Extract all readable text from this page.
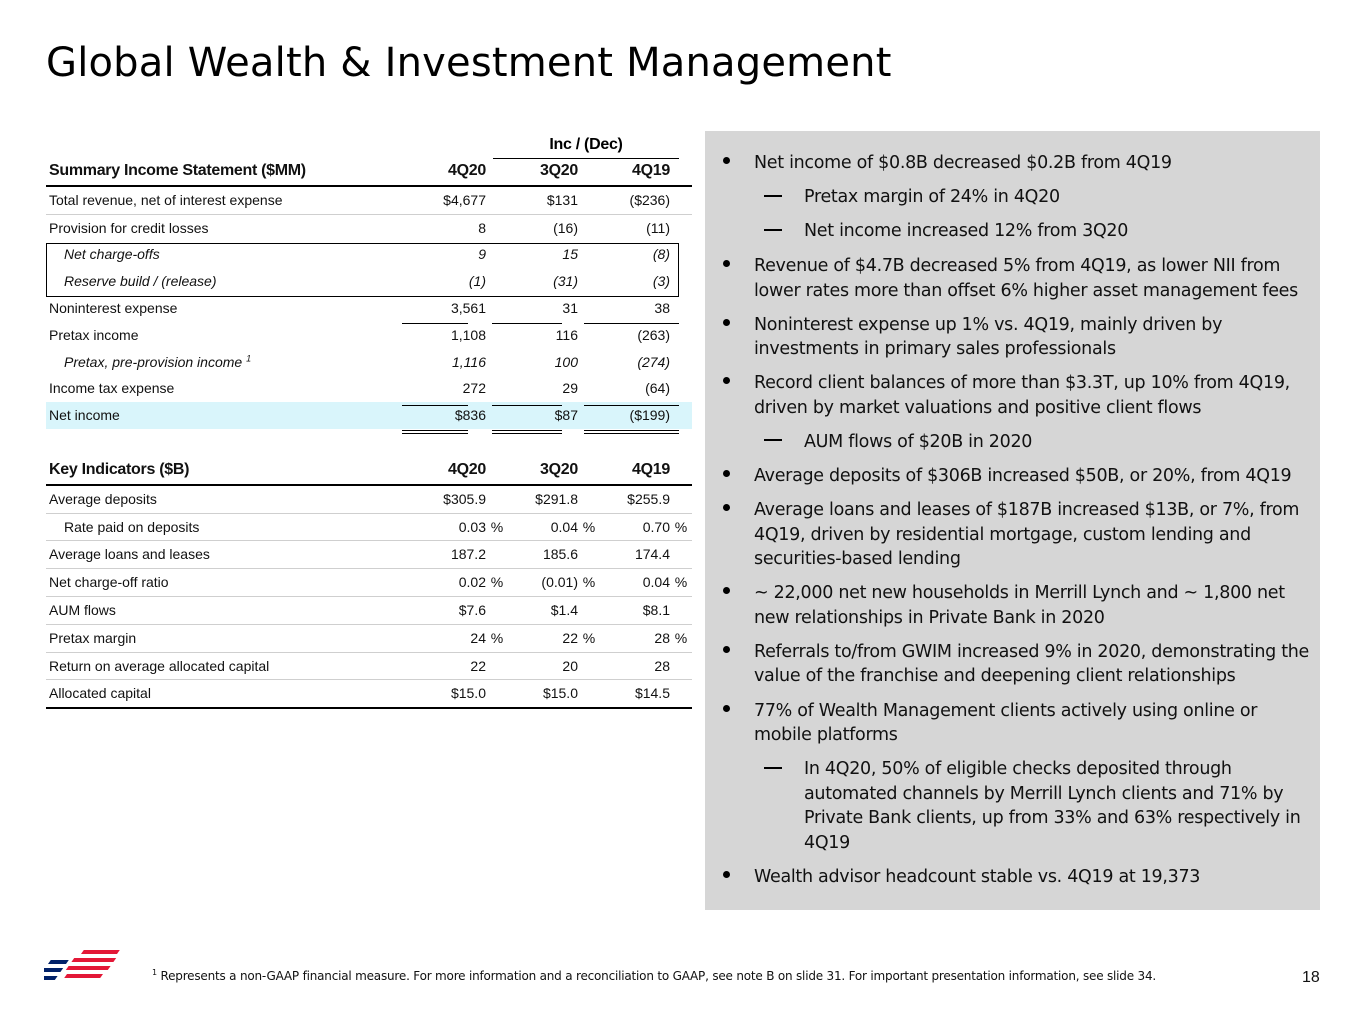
Global Wealth & Investment Management
Inc / (Dec)
Summary Income Statement ($MM)	4Q20		3Q20		4Q19	
Total revenue, net of interest expense	$4,677		$131		($236)	
Provision for credit losses	8		(16)		(11)	
Net charge-offs	9		15		(8)	
Reserve build / (release)	(1)		(31)		(3)	
Noninterest expense	3,561		31		38	
Pretax income	1,108		116		(263)	
Pretax, pre-provision income $^1$	1,116		100		(274)	
Income tax expense	272		29		(64)	
Net income	$836		$87		($199)	
Key Indicators ($B)	4Q20		3Q20		4Q19	
Average deposits	$305.9		$291.8		$255.9	
Rate paid on deposits	0.03	%	0.04	%	0.70	%
Average loans and leases	187.2		185.6		174.4	
Net charge-off ratio	0.02	%	(0.01)	%	0.04	%
AUM flows	$7.6		$1.4		$8.1	
Pretax margin	24	%	22	%	28	%
Return on average allocated capital	22		20		28	
Allocated capital	$15.0		$15.0		$14.5	
Net income of $0.8B decreased $0.2B from 4Q19
Pretax margin of 24% in 4Q20
Net income increased 12% from 3Q20
Revenue of $4.7B decreased 5% from 4Q19, as lower NII from
lower rates more than offset 6% higher asset management fees
Noninterest expense up 1% vs. 4Q19, mainly driven by
investments in primary sales professionals
Record client balances of more than $3.3T, up 10% from 4Q19,
driven by market valuations and positive client flows
AUM flows of $20B in 2020
Average deposits of $306B increased $50B, or 20%, from 4Q19
Average loans and leases of $187B increased $13B, or 7%, from
4Q19, driven by residential mortgage, custom lending and
securities-based lending
~ 22,000 net new households in Merrill Lynch and ~ 1,800 net
new relationships in Private Bank in 2020
Referrals to/from GWIM increased 9% in 2020, demonstrating the
value of the franchise and deepening client relationships
77% of Wealth Management clients actively using online or
mobile platforms
In 4Q20, 50% of eligible checks deposited through
automated channels by Merrill Lynch clients and 71% by
Private Bank clients, up from 33% and 63% respectively in
4Q19
Wealth advisor headcount stable vs. 4Q19 at 19,373
$^1$ Represents a non-GAAP financial measure. For more information and a reconciliation to GAAP, see note B on slide 31. For important presentation information, see slide 34.	18
